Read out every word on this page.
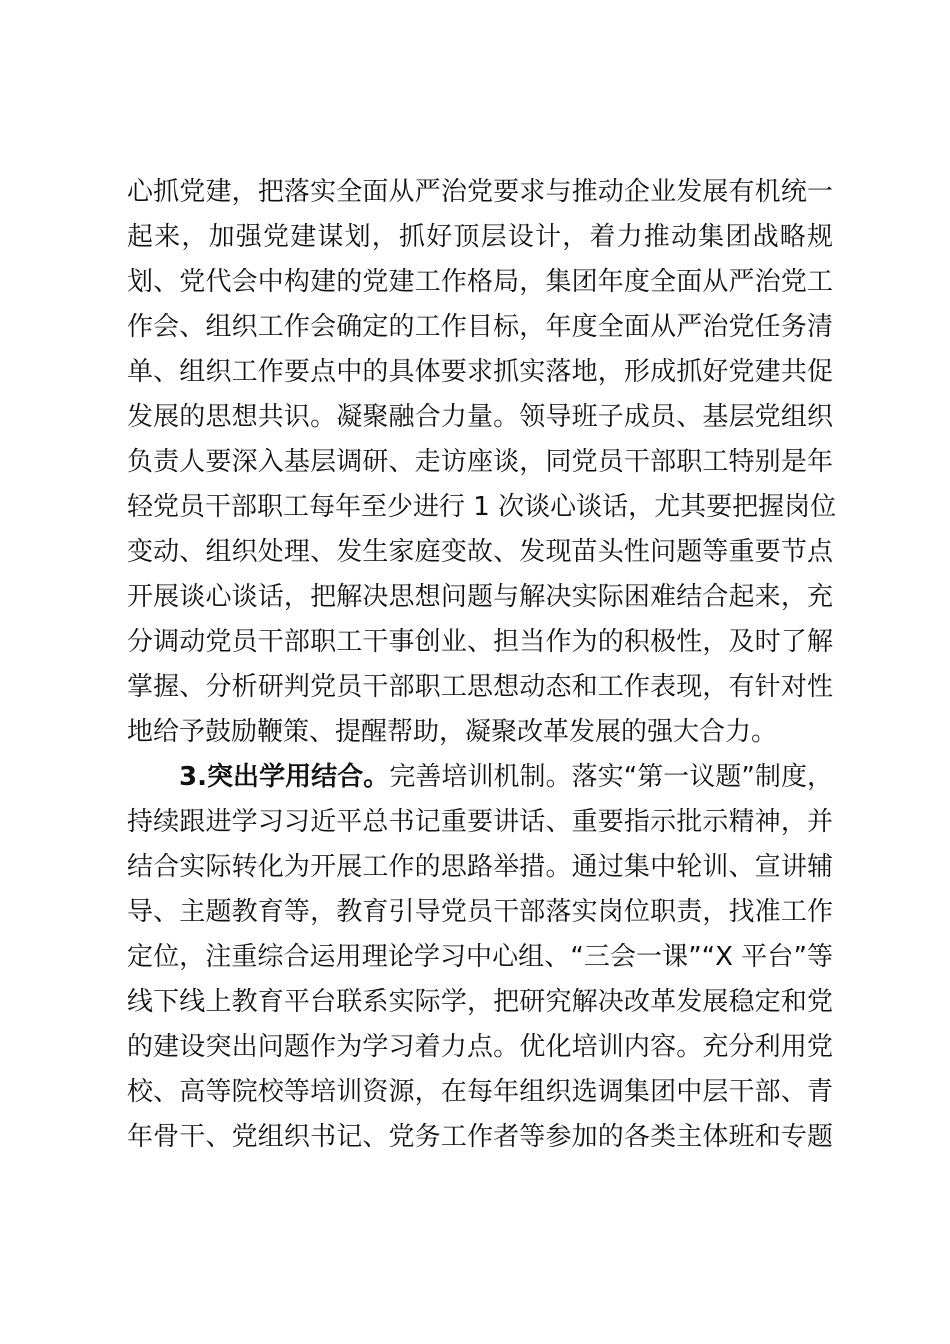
心抓党建，把落实全面从严治党要求与推动企业发展有机统一
起来，加强党建谋划，抓好顶层设计，着力推动集团战略规
划、党代会中构建的党建工作格局，集团年度全面从严治党工
作会、组织工作会确定的工作目标，年度全面从严治党任务清
单、组织工作要点中的具体要求抓实落地，形成抓好党建共促
发展的思想共识。凝聚融合力量。领导班子成员、基层党组织
负责人要深入基层调研、走访座谈，同党员干部职工特别是年
轻党员干部职工每年至少进行 1 次谈心谈话，尤其要把握岗位
变动、组织处理、发生家庭变故、发现苗头性问题等重要节点
开展谈心谈话，把解决思想问题与解决实际困难结合起来，充
分调动党员干部职工干事创业、担当作为的积极性，及时了解
掌握、分析研判党员干部职工思想动态和工作表现，有针对性
地给予鼓励鞭策、提醒帮助，凝聚改革发展的强大合力。
3.突出学用结合。完善培训机制。落实“第一议题”制度，
持续跟进学习习近平总书记重要讲话、重要指示批示精神，并
结合实际转化为开展工作的思路举措。通过集中轮训、宣讲辅
导、主题教育等，教育引导党员干部落实岗位职责，找准工作
定位，注重综合运用理论学习中心组、“三会一课”“X 平台”等
线下线上教育平台联系实际学，把研究解决改革发展稳定和党
的建设突出问题作为学习着力点。优化培训内容。充分利用党
校、高等院校等培训资源，在每年组织选调集团中层干部、青
年骨干、党组织书记、党务工作者等参加的各类主体班和专题
